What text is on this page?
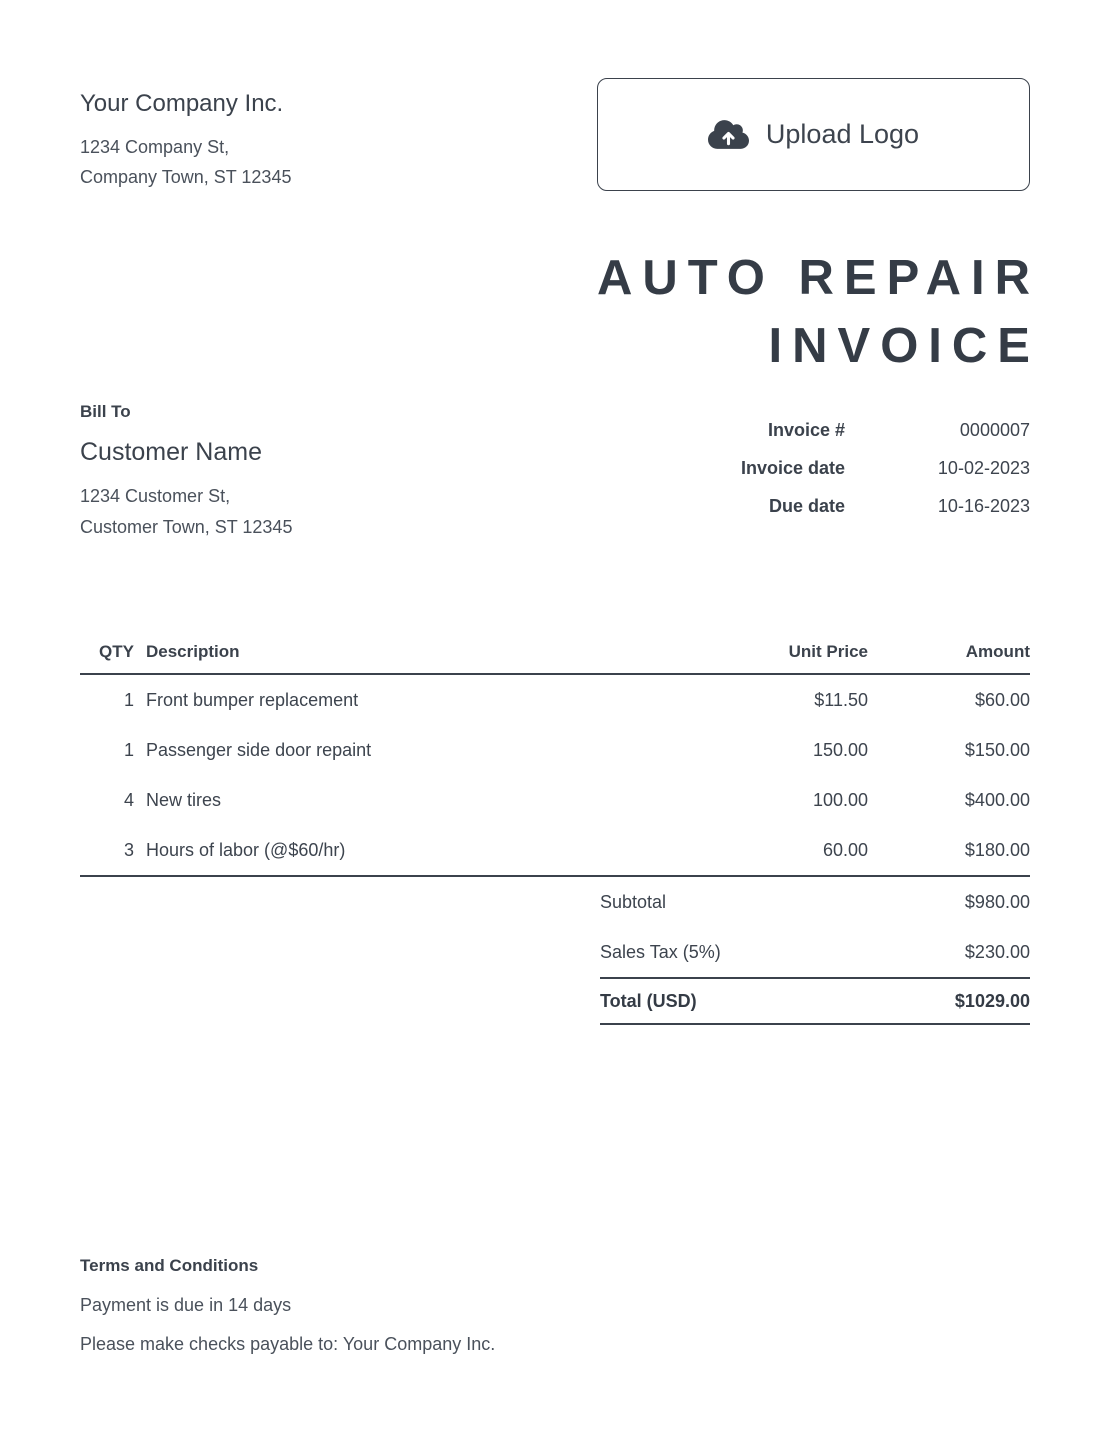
Your Company Inc.
1234 Company St,
Company Town, ST 12345
Upload Logo
AUTO REPAIR
INVOICE
Bill To
Customer Name
1234 Customer St,
Customer Town, ST 12345
Invoice #	0000007
Invoice date	10-02-2023
Due date	10-16-2023
QTY Description	Unit Price	Amount
1 Front bumper replacement	$11.50	$60.00
1 Passenger side door repaint	150.00	$150.00
4 New tires	100.00	$400.00
3 Hours of labor (@$60/hr)	60.00	$180.00
Subtotal	$980.00
Sales Tax (5%)	$230.00
Total (USD)	$1029.00
Terms and Conditions
Payment is due in 14 days
Please make checks payable to: Your Company Inc.
